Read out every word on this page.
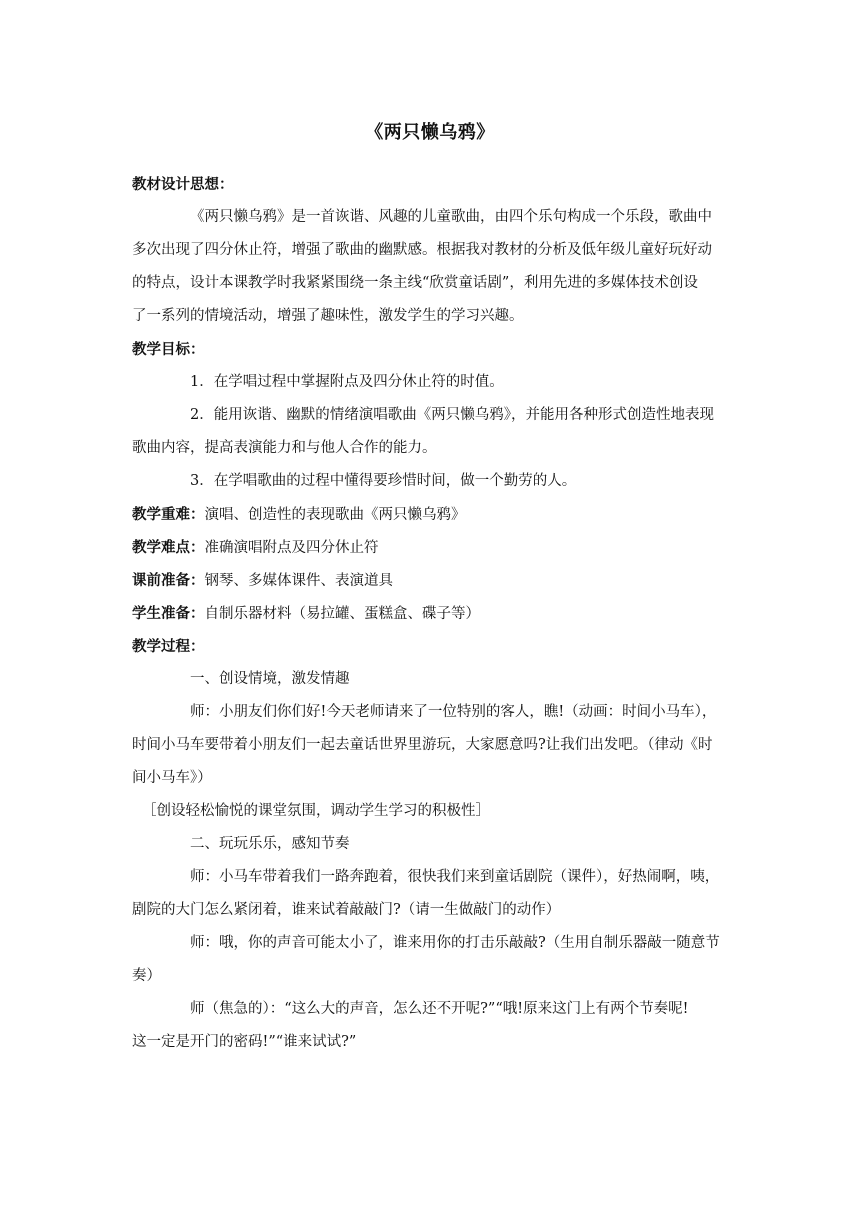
《两只懒乌鸦》
教材设计思想：
《两只懒乌鸦》是一首诙谐、风趣的儿童歌曲，由四个乐句构成一个乐段，歌曲中
多次出现了四分休止符，增强了歌曲的幽默感。根据我对教材的分析及低年级儿童好玩好动
的特点，设计本课教学时我紧紧围绕一条主线“欣赏童话剧”，利用先进的多媒体技术创设
了一系列的情境活动，增强了趣味性，激发学生的学习兴趣。
教学目标：
1．在学唱过程中掌握附点及四分休止符的时值。
2．能用诙谐、幽默的情绪演唱歌曲《两只懒乌鸦》，并能用各种形式创造性地表现
歌曲内容，提高表演能力和与他人合作的能力。
3．在学唱歌曲的过程中懂得要珍惜时间，做一个勤劳的人。
教学重难：演唱、创造性的表现歌曲《两只懒乌鸦》
教学难点：准确演唱附点及四分休止符
课前准备：钢琴、多媒体课件、表演道具
学生准备：自制乐器材料（易拉罐、蛋糕盒、碟子等）
教学过程：
一、创设情境，激发情趣
师：小朋友们你们好!今天老师请来了一位特别的客人，瞧!（动画：时间小马车），
时间小马车要带着小朋友们一起去童话世界里游玩，大家愿意吗?让我们出发吧。（律动《时
间小马车》）
［创设轻松愉悦的课堂氛围，调动学生学习的积极性］
二、玩玩乐乐，感知节奏
师：小马车带着我们一路奔跑着，很快我们来到童话剧院（课件），好热闹啊，咦，
剧院的大门怎么紧闭着，谁来试着敲敲门?（请一生做敲门的动作）
师：哦，你的声音可能太小了，谁来用你的打击乐敲敲?（生用自制乐器敲一随意节
奏）
师（焦急的）：“这么大的声音，怎么还不开呢?”“哦!原来这门上有两个节奏呢!
这一定是开门的密码!”“谁来试试?”
